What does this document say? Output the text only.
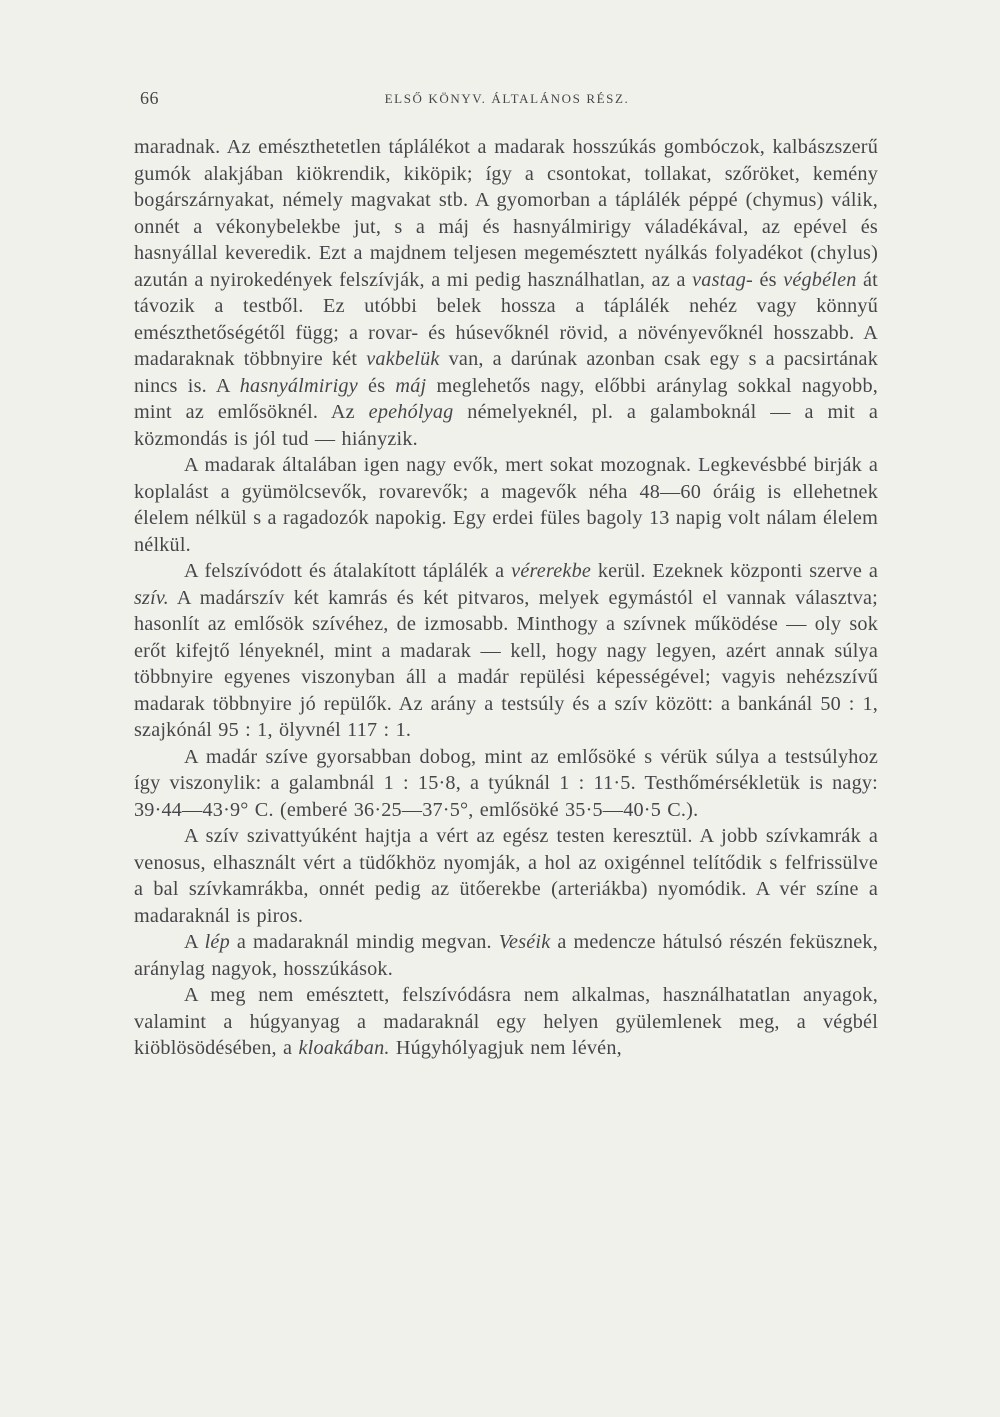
66	ELSŐ KÖNYV. ÁLTALÁNOS RÉSZ.

maradnak. Az emészthetetlen táplálékot a madarak hosszúkás gombóczok, kalbászszerű gumók alakjában kiökrendik, kiköpik; így a csontokat, tollakat, szőröket, kemény bogárszárnyakat, némely magvakat stb. A gyomorban a táplálék péppé (chymus) válik, onnét a vékonybelekbe jut, s a máj és hasnyálmirigy váladékával, az epével és hasnyállal keveredik. Ezt a majdnem teljesen megemésztett nyálkás folyadékot (chylus) azután a nyirokedények felszívják, a mi pedig használhatlan, az a vastag- és végbélen át távozik a testből. Ez utóbbi belek hossza a táplálék nehéz vagy könnyű emészthetőségétől függ; a rovar- és húsevőknél rövid, a növényevőknél hosszabb. A madaraknak többnyire két vakbelük van, a darúnak azonban csak egy s a pacsirtának nincs is. A hasnyálmirigy és máj meglehetős nagy, előbbi aránylag sokkal nagyobb, mint az emlősöknél. Az epehólyag némelyeknél, pl. a galamboknál — a mit a közmondás is jól tud — hiányzik.

A madarak általában igen nagy evők, mert sokat mozognak. Legkevésbbé birják a koplalást a gyümölcsevők, rovarevők; a magevők néha 48—60 óráig is ellehetnek élelem nélkül s a ragadozók napokig. Egy erdei füles bagoly 13 napig volt nálam élelem nélkül.

A felszívódott és átalakított táplálék a vérerekbe kerül. Ezeknek központi szerve a szív. A madárszív két kamrás és két pitvaros, melyek egymástól el vannak választva; hasonlít az emlősök szívéhez, de izmosabb. Minthogy a szívnek működése — oly sok erőt kifejtő lényeknél, mint a madarak — kell, hogy nagy legyen, azért annak súlya többnyire egyenes viszonyban áll a madár repülési képességével; vagyis nehézszívű madarak többnyire jó repülők. Az arány a testsúly és a szív között: a bankánál 50 : 1, szajkónál 95 : 1, ölyvnél 117 : 1.

A madár szíve gyorsabban dobog, mint az emlősöké s vérük súlya a testsúlyhoz így viszonylik: a galambnál 1 : 15·8, a tyúknál 1 : 11·5. Testhőmérsékletük is nagy: 39·44—43·9° C. (emberé 36·25—37·5°, emlősöké 35·5—40·5 C.).

A szív szivattyúként hajtja a vért az egész testen keresztül. A jobb szívkamrák a venosus, elhasznált vért a tüdőkhöz nyomják, a hol az oxigénnel telítődik s felfrissülve a bal szívkamrákba, onnét pedig az ütőerekbe (arteriákba) nyomódik. A vér színe a madaraknál is piros.

A lép a madaraknál mindig megvan. Veséik a medencze hátulsó részén feküsznek, aránylag nagyok, hosszúkások.

A meg nem emésztett, felszívódásra nem alkalmas, használhatatlan anyagok, valamint a húgyanyag a madaraknál egy helyen gyülemlenek meg, a végbél kiöblösödésében, a kloakában. Húgyhólyagjuk nem lévén,
